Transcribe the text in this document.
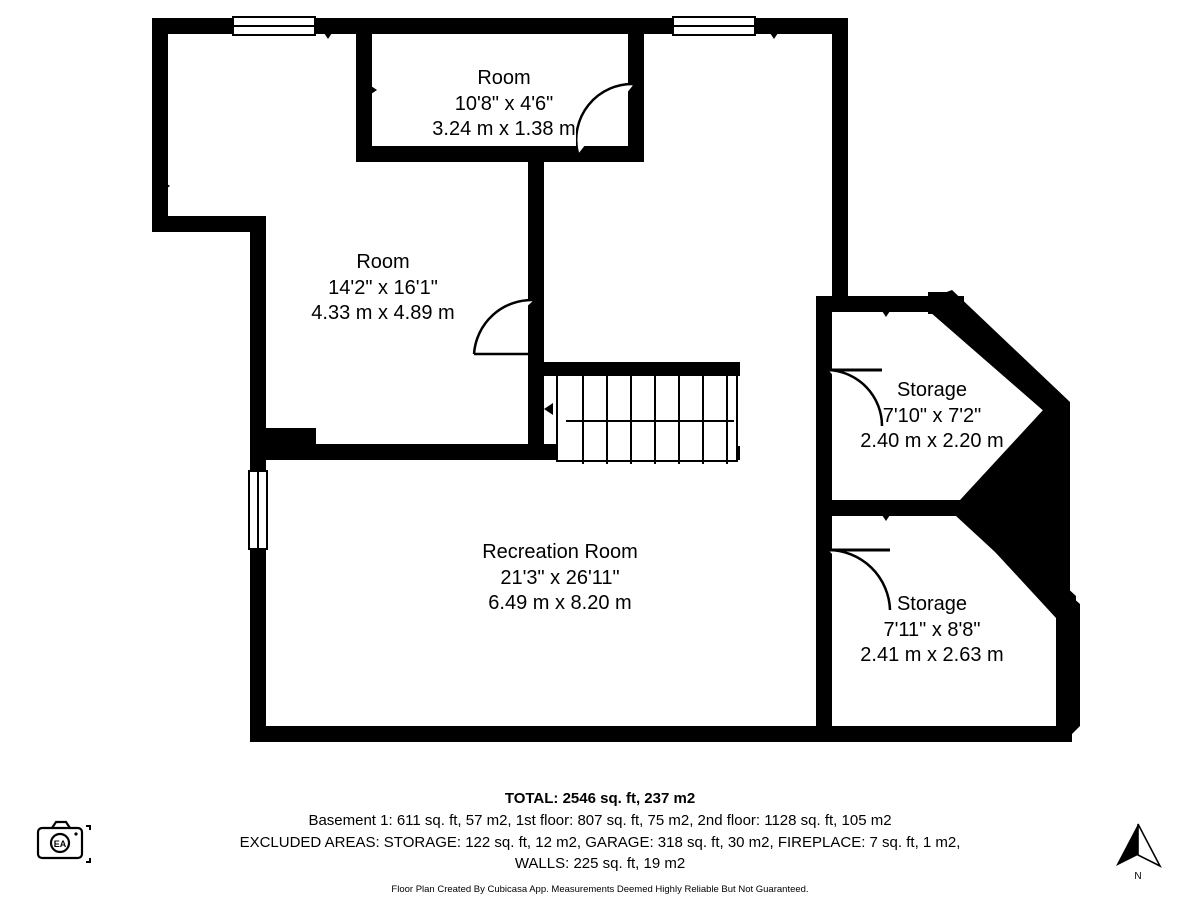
Room
10'8" x 4'6"
3.24 m x 1.38 m
Room
14'2" x 16'1"
4.33 m x 4.89 m
Recreation Room
21'3" x 26'11"
6.49 m x 8.20 m
Storage
7'10" x 7'2"
2.40 m x 2.20 m
Storage
7'11" x 8'8"
2.41 m x 2.63 m
TOTAL: 2546 sq. ft, 237 m2
Basement 1: 611 sq. ft, 57 m2, 1st floor: 807 sq. ft, 75 m2, 2nd floor: 1128 sq. ft, 105 m2
EXCLUDED AREAS: STORAGE: 122 sq. ft, 12 m2, GARAGE: 318 sq. ft, 30 m2, FIREPLACE: 7 sq. ft, 1 m2,
WALLS: 225 sq. ft, 19 m2
Floor Plan Created By Cubicasa App. Measurements Deemed Highly Reliable But Not Guaranteed.
EA
N
